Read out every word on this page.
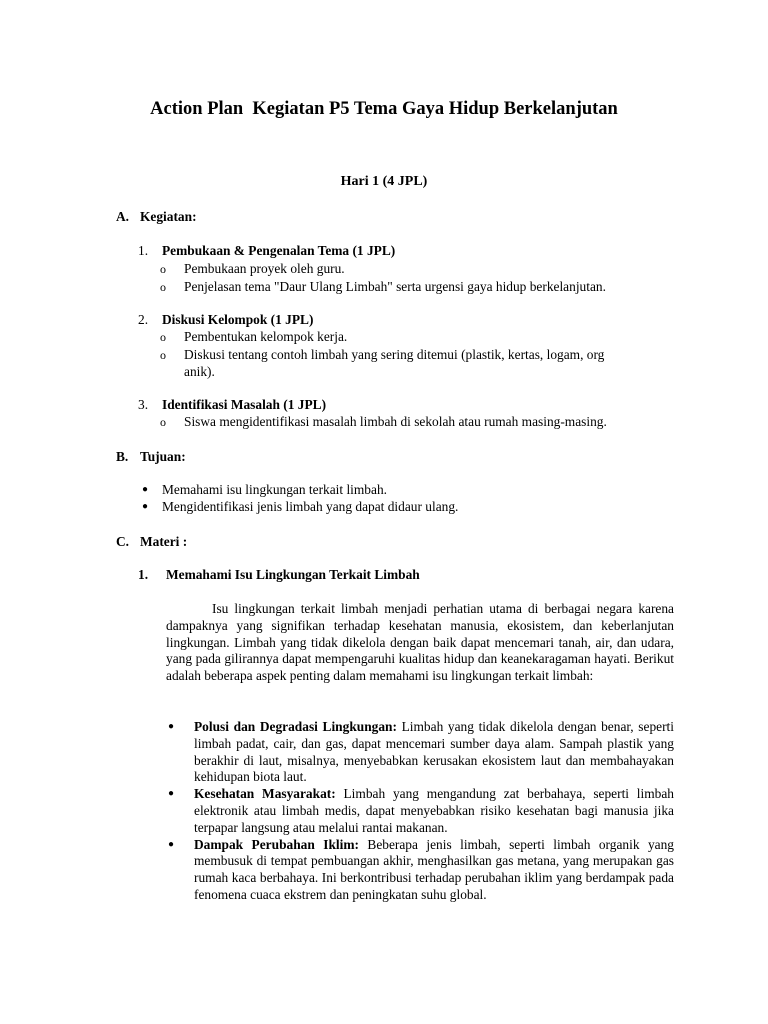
Action Plan  Kegiatan P5 Tema Gaya Hidup Berkelanjutan
Hari 1 (4 JPL)
A. Kegiatan:
1. Pembukaan & Pengenalan Tema (1 JPL)
o Pembukaan proyek oleh guru.
o Penjelasan tema "Daur Ulang Limbah" serta urgensi gaya hidup berkelanjutan.
2. Diskusi Kelompok (1 JPL)
o Pembentukan kelompok kerja.
o Diskusi tentang contoh limbah yang sering ditemui (plastik, kertas, logam, org
anik).
3. Identifikasi Masalah (1 JPL)
o Siswa mengidentifikasi masalah limbah di sekolah atau rumah masing-masing.
B. Tujuan:
● Memahami isu lingkungan terkait limbah.
● Mengidentifikasi jenis limbah yang dapat didaur ulang.
C. Materi :
1. Memahami Isu Lingkungan Terkait Limbah
Isu lingkungan terkait limbah menjadi perhatian utama di berbagai negara karena dampaknya yang signifikan terhadap kesehatan manusia, ekosistem, dan keberlanjutan lingkungan. Limbah yang tidak dikelola dengan baik dapat mencemari tanah, air, dan udara, yang pada gilirannya dapat mempengaruhi kualitas hidup dan keanekaragaman hayati. Berikut adalah beberapa aspek penting dalam memahami isu lingkungan terkait limbah:
● Polusi dan Degradasi Lingkungan: Limbah yang tidak dikelola dengan benar, seperti limbah padat, cair, dan gas, dapat mencemari sumber daya alam. Sampah plastik yang berakhir di laut, misalnya, menyebabkan kerusakan ekosistem laut dan membahayakan kehidupan biota laut.
● Kesehatan Masyarakat: Limbah yang mengandung zat berbahaya, seperti limbah elektronik atau limbah medis, dapat menyebabkan risiko kesehatan bagi manusia jika terpapar langsung atau melalui rantai makanan.
● Dampak Perubahan Iklim: Beberapa jenis limbah, seperti limbah organik yang membusuk di tempat pembuangan akhir, menghasilkan gas metana, yang merupakan gas rumah kaca berbahaya. Ini berkontribusi terhadap perubahan iklim yang berdampak pada fenomena cuaca ekstrem dan peningkatan suhu global.
